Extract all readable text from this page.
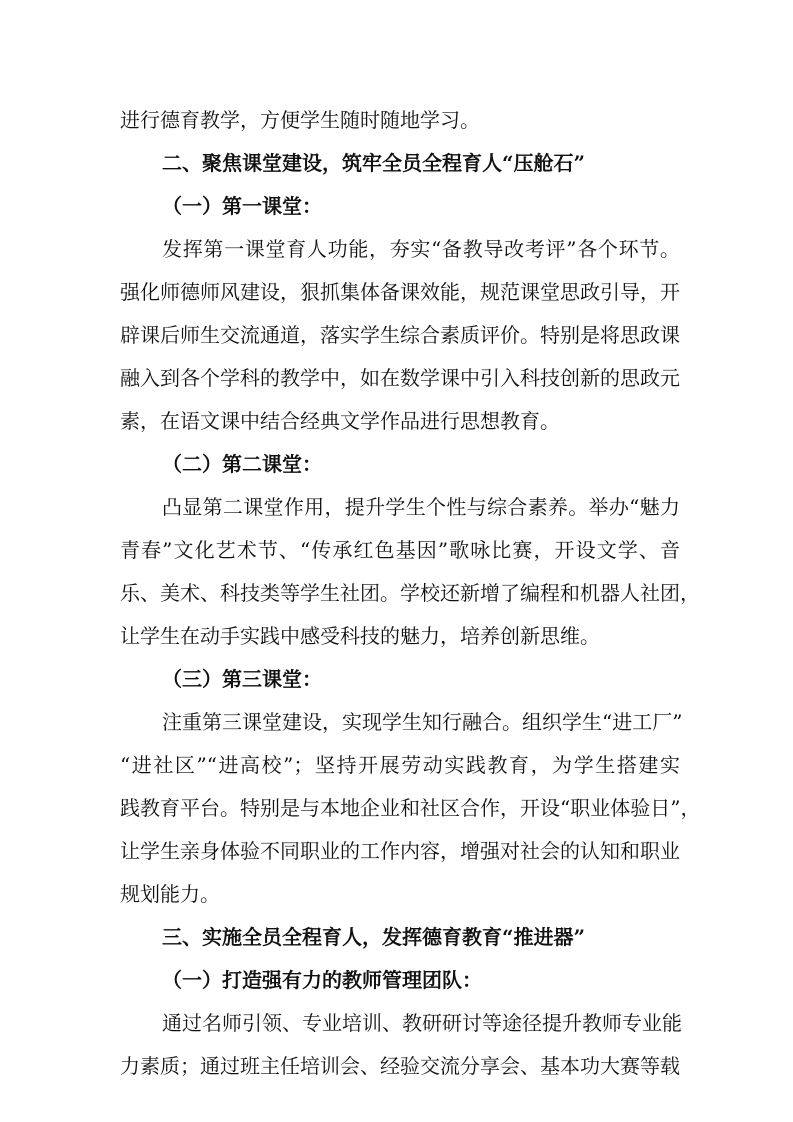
进行德育教学，方便学生随时随地学习。
二、聚焦课堂建设，筑牢全员全程育人“压舱石”
（一）第一课堂：
发挥第一课堂育人功能，夯实“备教导改考评”各个环节。
强化师德师风建设，狠抓集体备课效能，规范课堂思政引导，开
辟课后师生交流通道，落实学生综合素质评价。特别是将思政课
融入到各个学科的教学中，如在数学课中引入科技创新的思政元
素，在语文课中结合经典文学作品进行思想教育。
（二）第二课堂：
凸显第二课堂作用，提升学生个性与综合素养。举办“魅力
青春”文化艺术节、“传承红色基因”歌咏比赛，开设文学、音
乐、美术、科技类等学生社团。学校还新增了编程和机器人社团，
让学生在动手实践中感受科技的魅力，培养创新思维。
（三）第三课堂：
注重第三课堂建设，实现学生知行融合。组织学生“进工厂”
“进社区”“进高校”；坚持开展劳动实践教育，为学生搭建实
践教育平台。特别是与本地企业和社区合作，开设“职业体验日”，
让学生亲身体验不同职业的工作内容，增强对社会的认知和职业
规划能力。
三、实施全员全程育人，发挥德育教育“推进器”
（一）打造强有力的教师管理团队：
通过名师引领、专业培训、教研研讨等途径提升教师专业能
力素质；通过班主任培训会、经验交流分享会、基本功大赛等载
